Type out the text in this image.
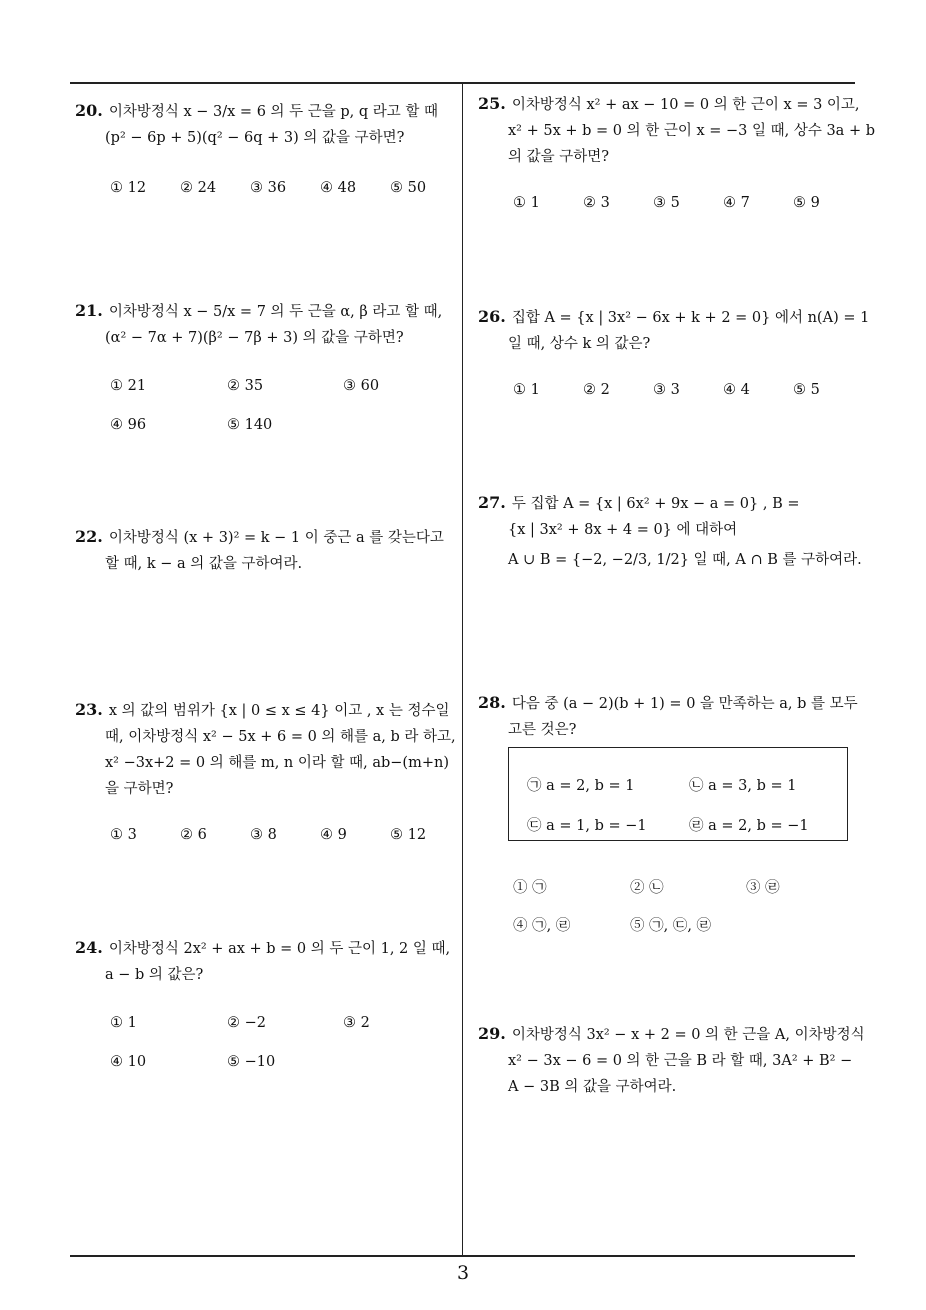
20. 이차방정식 x − 3/x = 6 의 두 근을 p, q 라고 할 때
(p² − 6p + 5)(q² − 6q + 3) 의 값을 구하면?
① 12 ② 24 ③ 36 ④ 48 ⑤ 50
21. 이차방정식 x − 5/x = 7 의 두 근을 α, β 라고 할 때,
(α² − 7α + 7)(β² − 7β + 3) 의 값을 구하면?
① 21	② 35	③ 60
④ 96	⑤ 140
22. 이차방정식 (x + 3)² = k − 1 이 중근 a 를 갖는다고
할 때, k − a 의 값을 구하여라.
23. x 의 값의 범위가 {x | 0 ≤ x ≤ 4} 이고 , x 는 정수일
때, 이차방정식 x² − 5x + 6 = 0 의 해를 a, b 라 하고,
x² −3x+2 = 0 의 해를 m, n 이라 할 때, ab−(m+n)
을 구하면?
① 3	② 6	③ 8	④ 9	⑤ 12
24. 이차방정식 2x² + ax + b = 0 의 두 근이 1, 2 일 때,
a − b 의 값은?
① 1	② −2	③ 2
④ 10	⑤ −10
25. 이차방정식 x² + ax − 10 = 0 의 한 근이 x = 3 이고,
x² + 5x + b = 0 의 한 근이 x = −3 일 때, 상수 3a + b
의 값을 구하면?
① 1	② 3	③ 5	④ 7	⑤ 9
26. 집합 A = {x | 3x² − 6x + k + 2 = 0} 에서 n(A) = 1
일 때, 상수 k 의 값은?
① 1	② 2	③ 3	④ 4	⑤ 5
27. 두 집합 A = {x | 6x² + 9x − a = 0} , B =
{x | 3x² + 8x + 4 = 0} 에 대하여
A ∪ B = {−2, −2/3, 1/2} 일 때, A ∩ B 를 구하여라.
28. 다음 중 (a − 2)(b + 1) = 0 을 만족하는 a, b 를 모두
고른 것은?
㉠ a = 2, b = 1	㉡ a = 3, b = 1
㉢ a = 1, b = −1	㉣ a = 2, b = −1
① ㉠	② ㉡	③ ㉣
④ ㉠, ㉣	⑤ ㉠, ㉢, ㉣
29. 이차방정식 3x² − x + 2 = 0 의 한 근을 A, 이차방정식
x² − 3x − 6 = 0 의 한 근을 B 라 할 때, 3A² + B² −
A − 3B 의 값을 구하여라.
3
